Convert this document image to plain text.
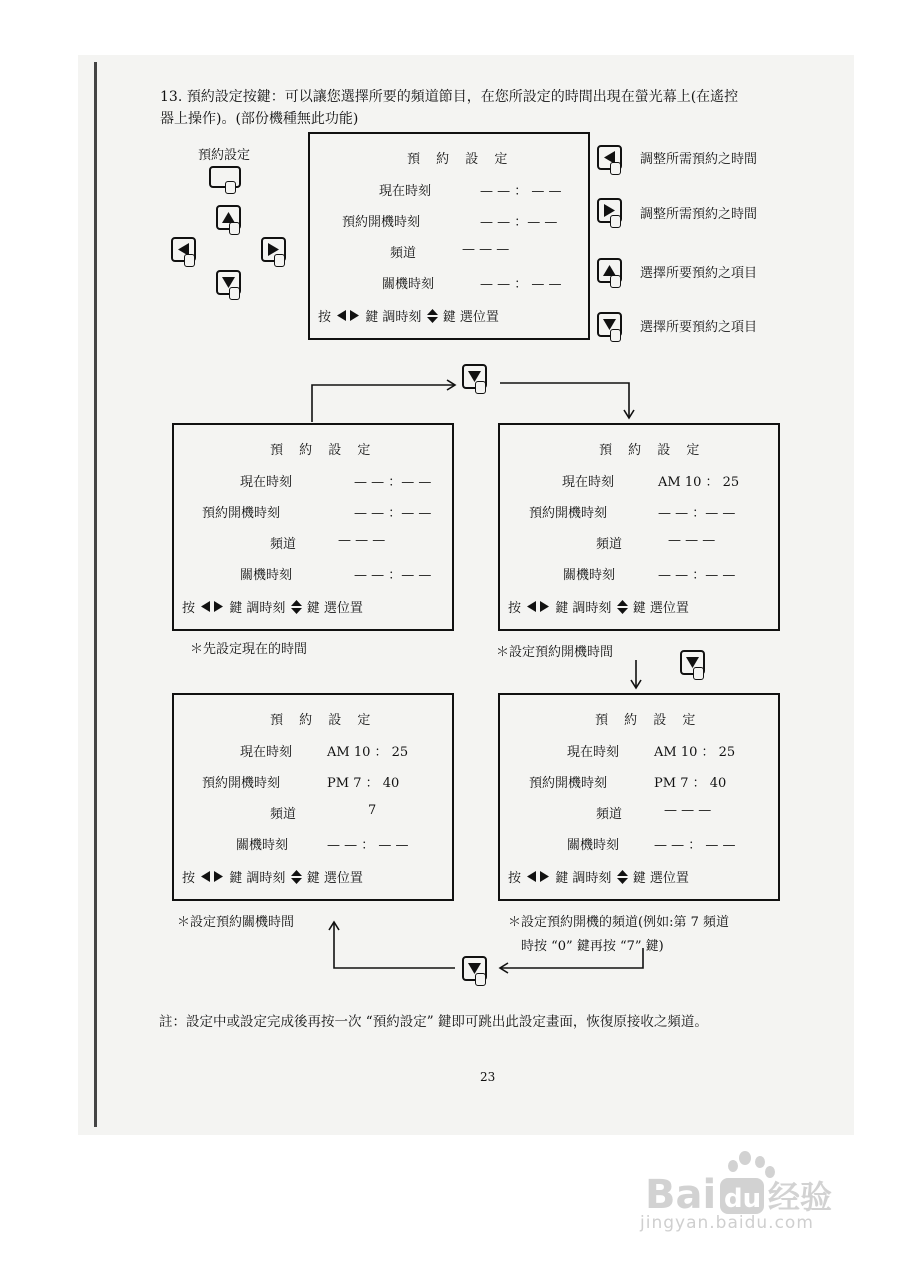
13. 預約設定按鍵：可以讓您選擇所要的頻道節目，在您所設定的時間出現在螢光幕上(在遙控
器上操作)。(部份機種無此功能)
預約設定	預 約 設 定
現在時刻	— — ： — —
預約開機時刻	— — ：— —
頻道	— — —
關機時刻	— — ： — —
按	鍵 調時刻 鍵 選位置
預 約 設 定
現在時刻	— — ：— —
預約開機時刻	— — ：— —
頻道	— — —
關機時刻	— — ：— —
按	鍵 調時刻 鍵 選位置
預 約 設 定
現在時刻	AM 10 ： 25
預約開機時刻	— — ：— —
頻道	— — —
關機時刻	— — ：— —
按	鍵 調時刻 鍵 選位置
預 約 設 定
現在時刻	AM 10 ： 25
預約開機時刻	PM 7 ： 40
頻道	7
關機時刻	— — ： — —
按	鍵 調時刻 鍵 選位置
預 約 設 定
現在時刻	AM 10 ： 25
預約開機時刻	PM 7 ： 40
頻道	— — —
關機時刻	— — ： — —
按	鍵 調時刻 鍵 選位置
調整所需預約之時間
調整所需預約之時間
選擇所要預約之項目
選擇所要預約之項目
＊先設定現在的時間	＊設定預約開機時間
＊設定預約開機的頻道(例如:第 7 頻道
時按 “0” 鍵再按 “7” 鍵)
＊設定預約關機時間
註：設定中或設定完成後再按一次 “預約設定” 鍵即可跳出此設定畫面，恢復原接收之頻道。
23
Bai du 经验
jingyan.baidu.com
